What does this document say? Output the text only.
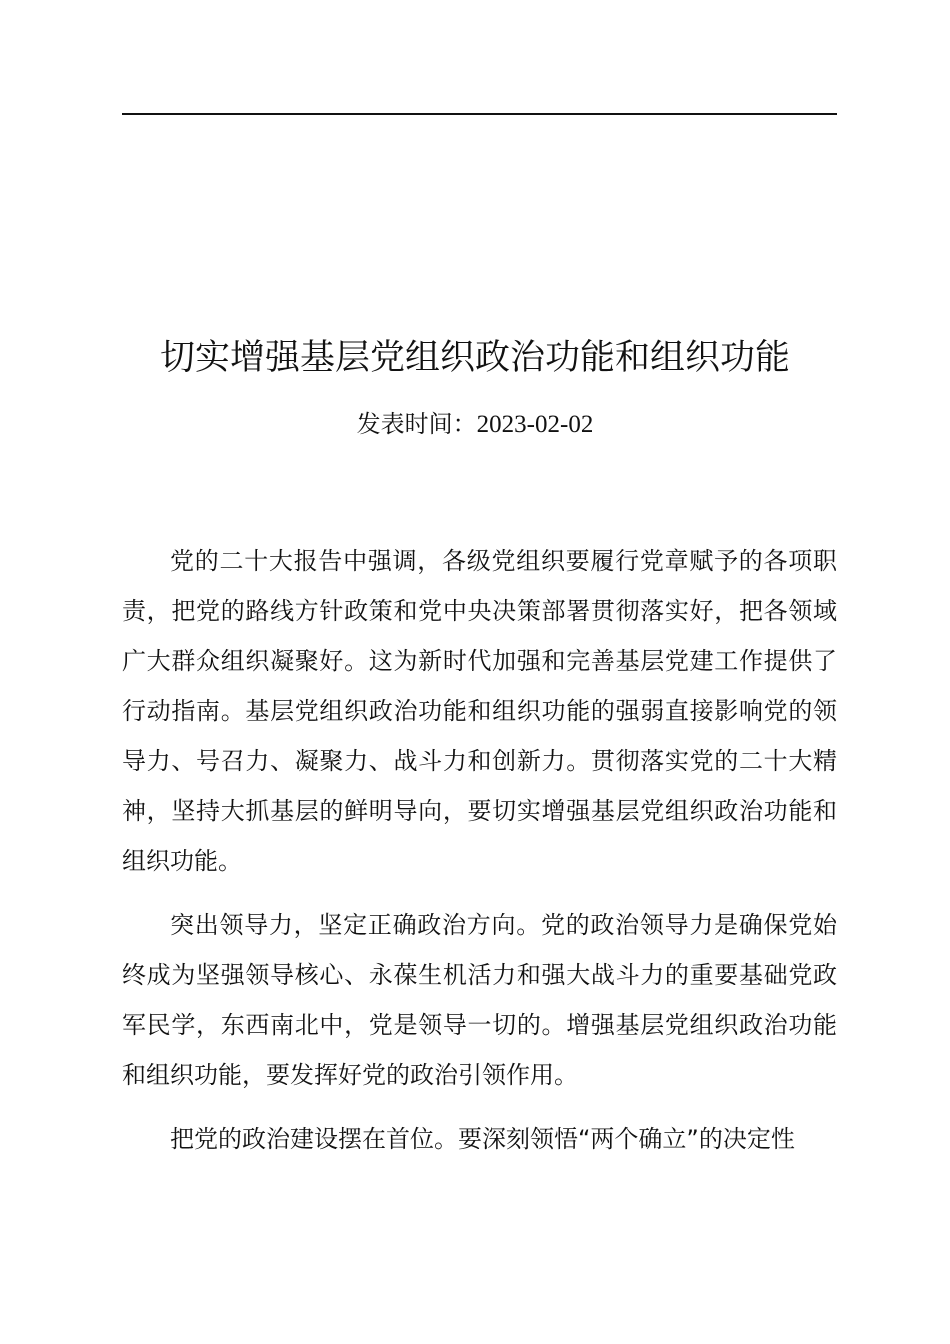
切实增强基层党组织政治功能和组织功能
发表时间：2023-02-02

党的二十大报告中强调，各级党组织要履行党章赋予的各项职责，把党的路线方针政策和党中央决策部署贯彻落实好，把各领域广大群众组织凝聚好。这为新时代加强和完善基层党建工作提供了行动指南。基层党组织政治功能和组织功能的强弱直接影响党的领导力、号召力、凝聚力、战斗力和创新力。贯彻落实党的二十大精神，坚持大抓基层的鲜明导向，要切实增强基层党组织政治功能和组织功能。

突出领导力，坚定正确政治方向。党的政治领导力是确保党始终成为坚强领导核心、永葆生机活力和强大战斗力的重要基础党政军民学，东西南北中，党是领导一切的。增强基层党组织政治功能和组织功能，要发挥好党的政治引领作用。

把党的政治建设摆在首位。要深刻领悟“两个确立”的决定性
